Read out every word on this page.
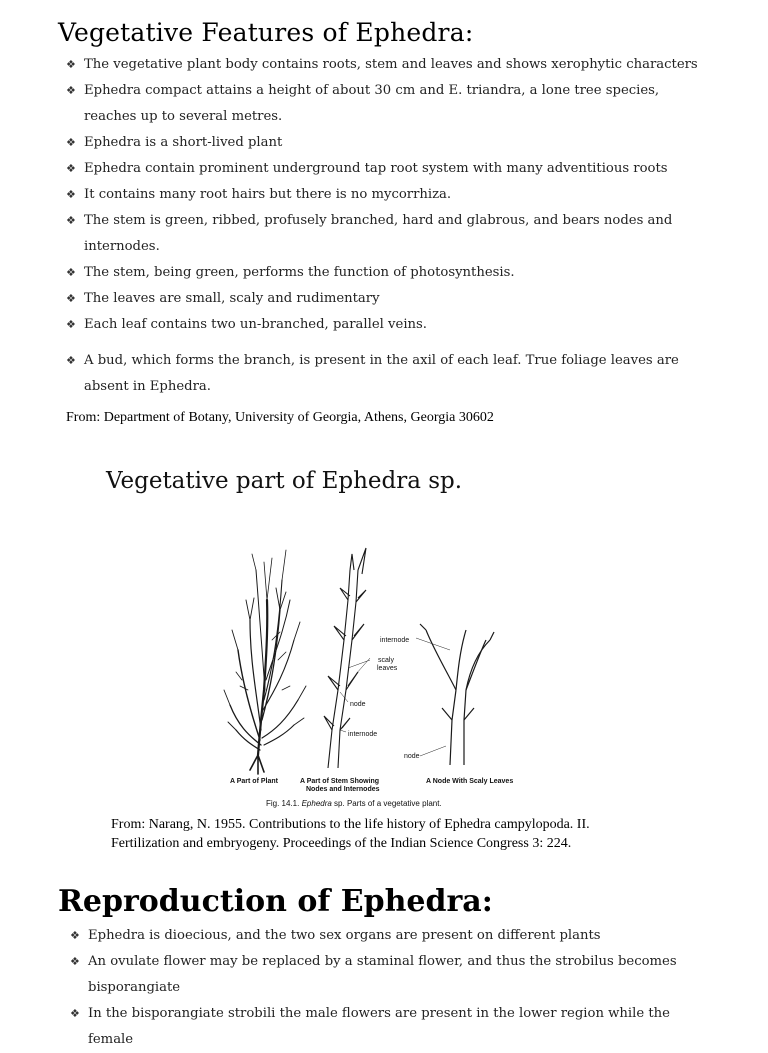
Vegetative Features of Ephedra:
❖ The vegetative plant body contains roots, stem and leaves and shows xerophytic characters
❖ Ephedra compact attains a height of about 30 cm and E. triandra, a lone tree species, reaches up to several metres.
❖ Ephedra is a short-lived plant
❖ Ephedra contain prominent underground tap root system with many adventitious roots
❖ It contains many root hairs but there is no mycorrhiza.
❖ The stem is green, ribbed, profusely branched, hard and glabrous, and bears nodes and internodes.
❖ The stem, being green, performs the function of photosynthesis.
❖ The leaves are small, scaly and rudimentary
❖ Each leaf contains two un-branched, parallel veins.
❖ A bud, which forms the branch, is present in the axil of each leaf. True foliage leaves are absent in Ephedra.
From: Department of Botany, University of Georgia, Athens, Georgia 30602
Vegetative part of Ephedra sp.
internode
scaly
leaves
node
internode
node
A Part of Plant	A Part of Stem Showing
Nodes and Internodes
A Node With Scaly Leaves
Fig. 14.1. Ephedra sp. Parts of a vegetative plant.
From: Narang, N. 1955. Contributions to the life history of Ephedra campylopoda. II.
Fertilization and embryogeny. Proceedings of the Indian Science Congress 3: 224.
Reproduction of Ephedra:
❖ Ephedra is dioecious, and the two sex organs are present on different plants
❖ An ovulate flower may be replaced by a staminal flower, and thus the strobilus becomes bisporangiate
❖ In the bisporangiate strobili the male flowers are present in the lower region while the female
